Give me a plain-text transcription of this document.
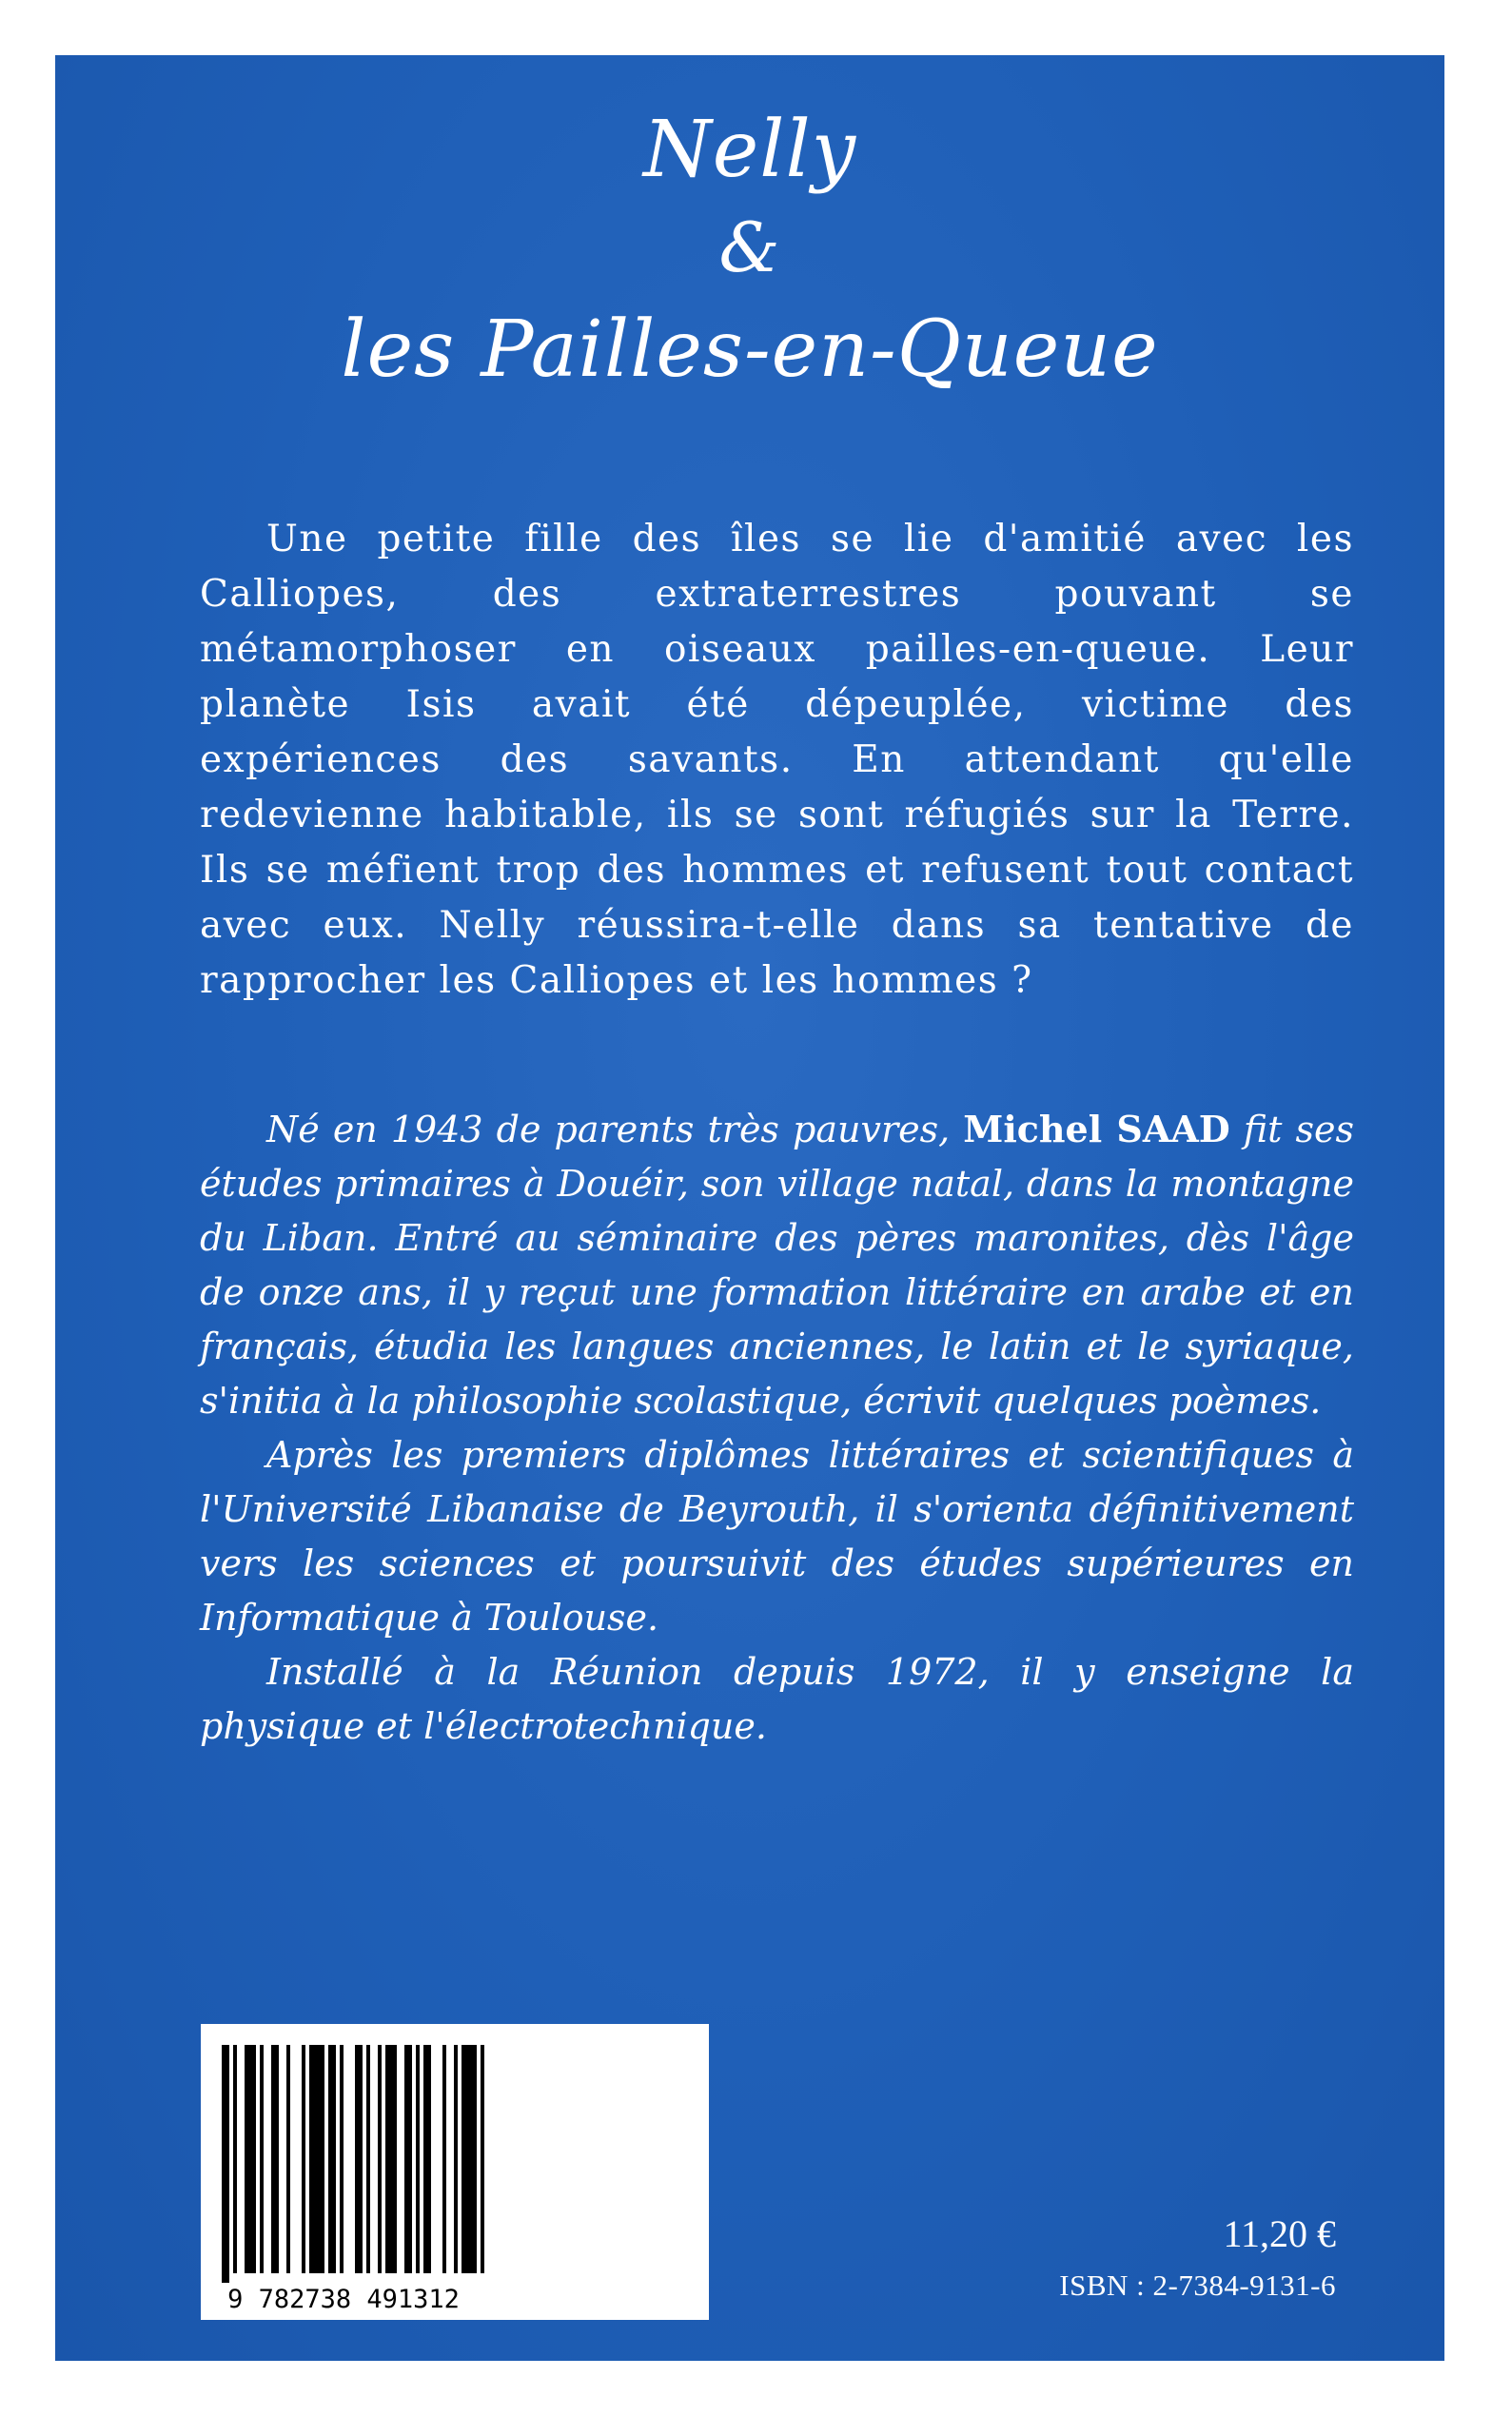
Nelly
&
les Pailles-en-Queue

Une petite fille des îles se lie d'amitié avec les Calliopes, des extraterrestres pouvant se métamorphoser en oiseaux pailles-en-queue. Leur planète Isis avait été dépeuplée, victime des expériences des savants. En attendant qu'elle redevienne habitable, ils se sont réfugiés sur la Terre. Ils se méfient trop des hommes et refusent tout contact avec eux. Nelly réussira-t-elle dans sa tentative de rapprocher les Calliopes et les hommes ?

Né en 1943 de parents très pauvres, Michel SAAD fit ses études primaires à Douéir, son village natal, dans la montagne du Liban. Entré au séminaire des pères maronites, dès l'âge de onze ans, il y reçut une formation littéraire en arabe et en français, étudia les langues anciennes, le latin et le syriaque, s'initia à la philosophie scolastique, écrivit quelques poèmes.

Après les premiers diplômes littéraires et scientifiques à l'Université Libanaise de Beyrouth, il s'orienta définitivement vers les sciences et poursuivit des études supérieures en Informatique à Toulouse.

Installé à la Réunion depuis 1972, il y enseigne la physique et l'électrotechnique.

9 782738 491312
11,20 €
ISBN : 2-7384-9131-6
